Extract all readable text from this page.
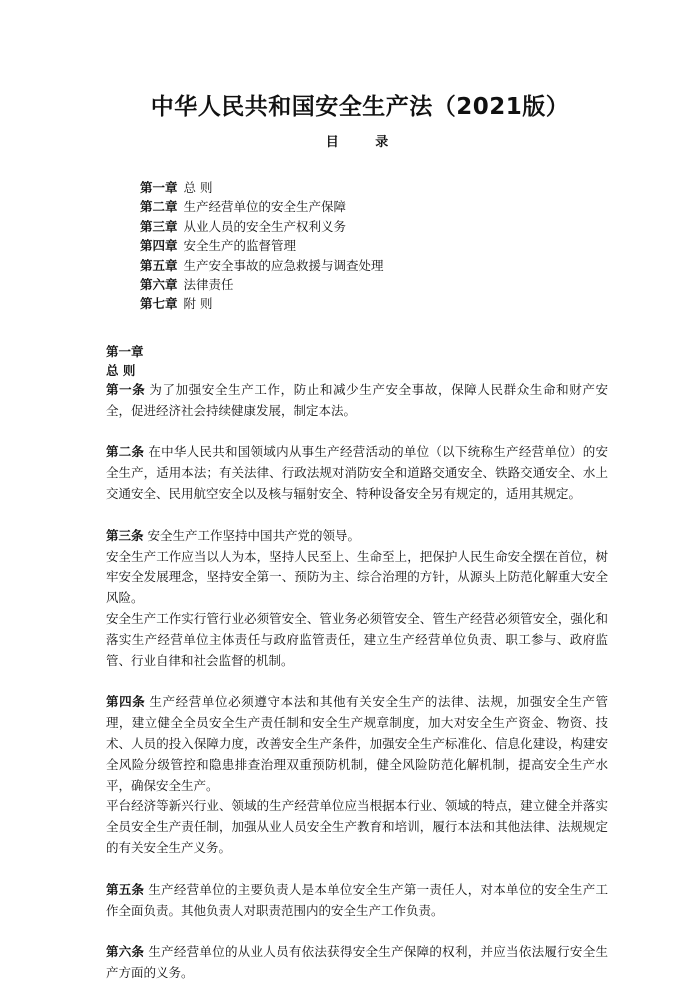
中华人民共和国安全生产法（2021版）
目 录
第一章 总 则
第二章 生产经营单位的安全生产保障
第三章 从业人员的安全生产权利义务
第四章 安全生产的监督管理
第五章 生产安全事故的应急救援与调查处理
第六章 法律责任
第七章 附 则
第一章
总 则

第一条 为了加强安全生产工作，防止和减少生产安全事故，保障人民群众生命和财产安全，促进经济社会持续健康发展，制定本法。

第二条 在中华人民共和国领域内从事生产经营活动的单位（以下统称生产经营单位）的安全生产，适用本法；有关法律、行政法规对消防安全和道路交通安全、铁路交通安全、水上交通安全、民用航空安全以及核与辐射安全、特种设备安全另有规定的，适用其规定。

第三条 安全生产工作坚持中国共产党的领导。

安全生产工作应当以人为本，坚持人民至上、生命至上，把保护人民生命安全摆在首位，树牢安全发展理念，坚持安全第一、预防为主、综合治理的方针，从源头上防范化解重大安全风险。

安全生产工作实行管行业必须管安全、管业务必须管安全、管生产经营必须管安全，强化和落实生产经营单位主体责任与政府监管责任，建立生产经营单位负责、职工参与、政府监管、行业自律和社会监督的机制。

第四条 生产经营单位必须遵守本法和其他有关安全生产的法律、法规，加强安全生产管理，建立健全全员安全生产责任制和安全生产规章制度，加大对安全生产资金、物资、技术、人员的投入保障力度，改善安全生产条件，加强安全生产标准化、信息化建设，构建安全风险分级管控和隐患排查治理双重预防机制，健全风险防范化解机制，提高安全生产水平，确保安全生产。

平台经济等新兴行业、领域的生产经营单位应当根据本行业、领域的特点，建立健全并落实全员安全生产责任制，加强从业人员安全生产教育和培训，履行本法和其他法律、法规规定的有关安全生产义务。

第五条 生产经营单位的主要负责人是本单位安全生产第一责任人，对本单位的安全生产工作全面负责。其他负责人对职责范围内的安全生产工作负责。

第六条 生产经营单位的从业人员有依法获得安全生产保障的权利，并应当依法履行安全生产方面的义务。
